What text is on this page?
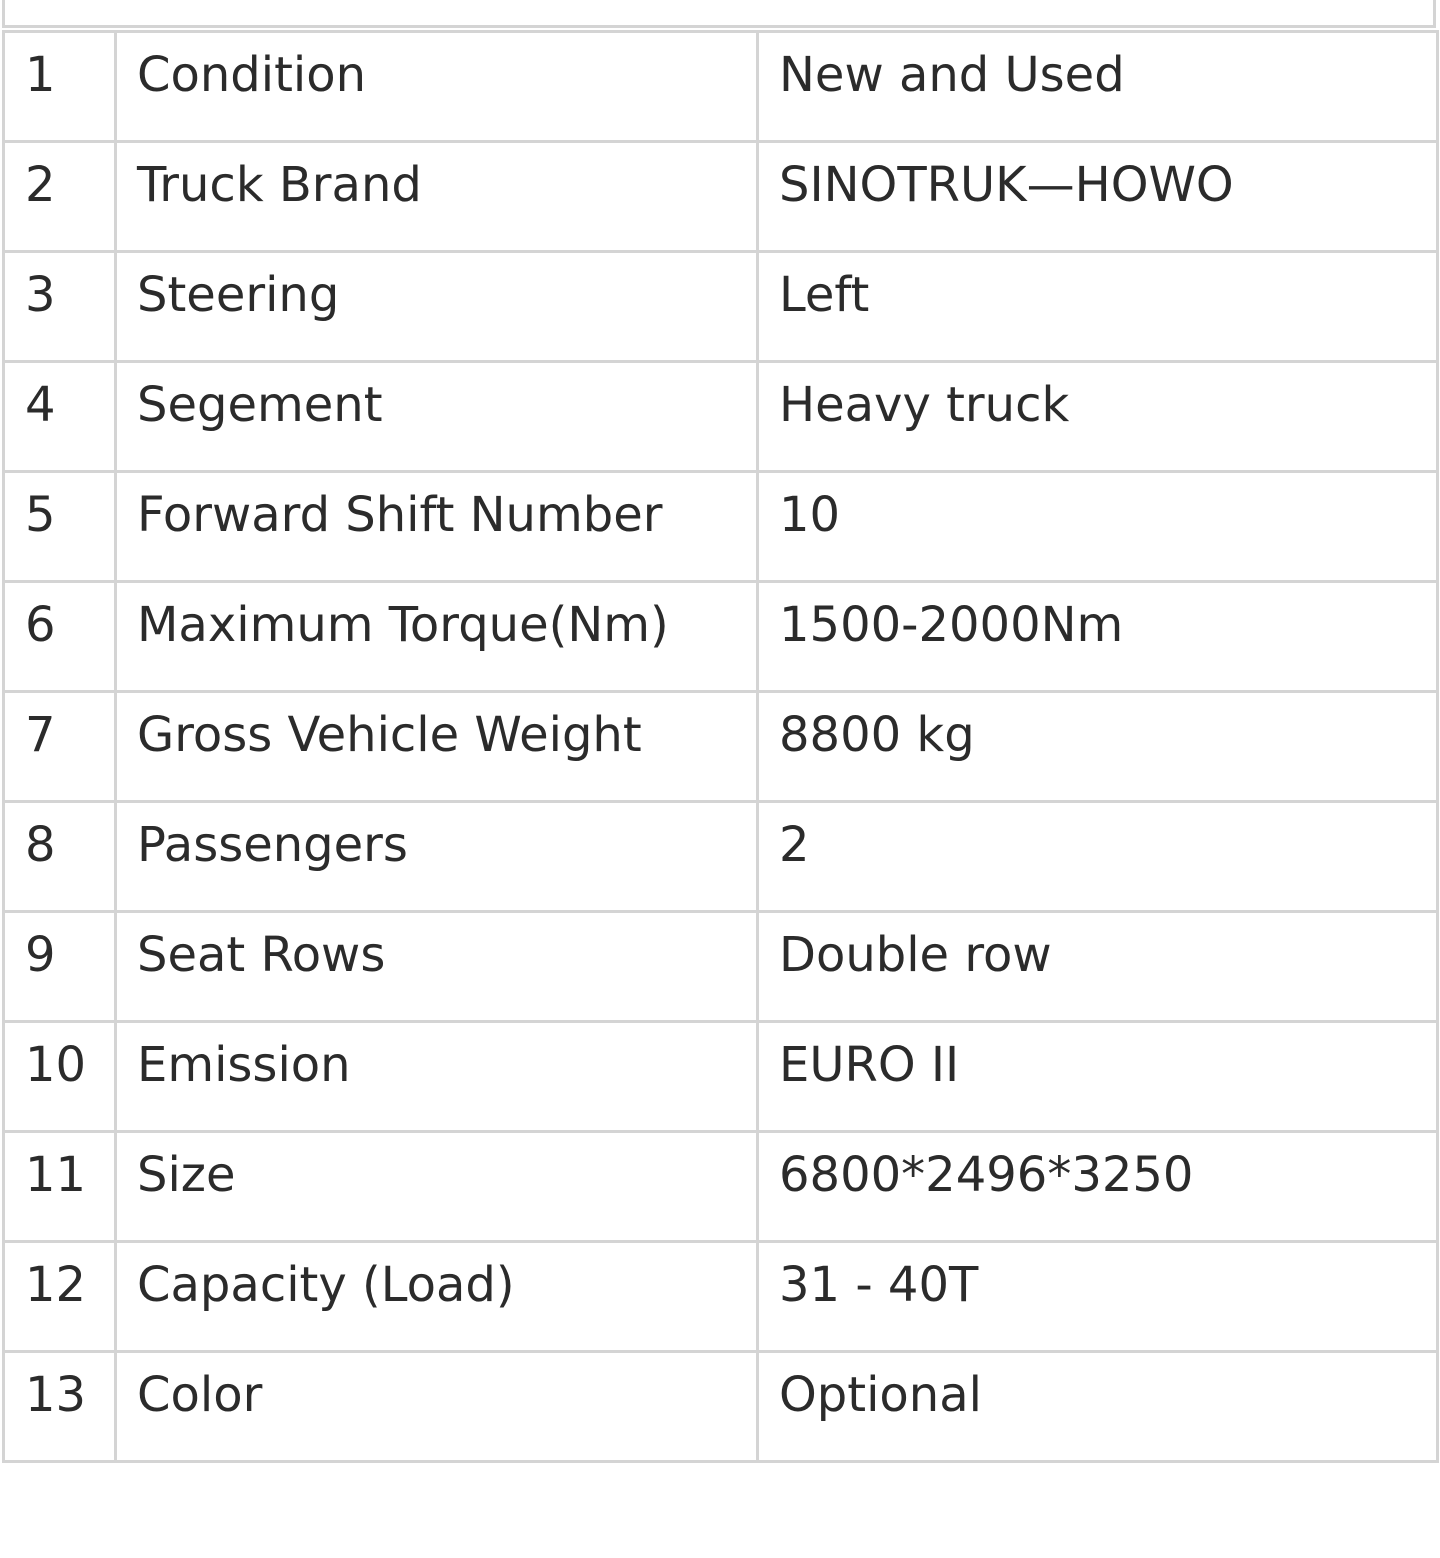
1	Condition	New and Used
2	Truck Brand	SINOTRUK—HOWO
3	Steering	Left
4	Segement	Heavy truck
5	Forward Shift Number	10
6	Maximum Torque(Nm)	1500-2000Nm
7	Gross Vehicle Weight	8800 kg
8	Passengers	2
9	Seat Rows	Double row
10	Emission	EURO II
11	Size	6800*2496*3250
12	Capacity (Load)	31 - 40T
13	Color	Optional
